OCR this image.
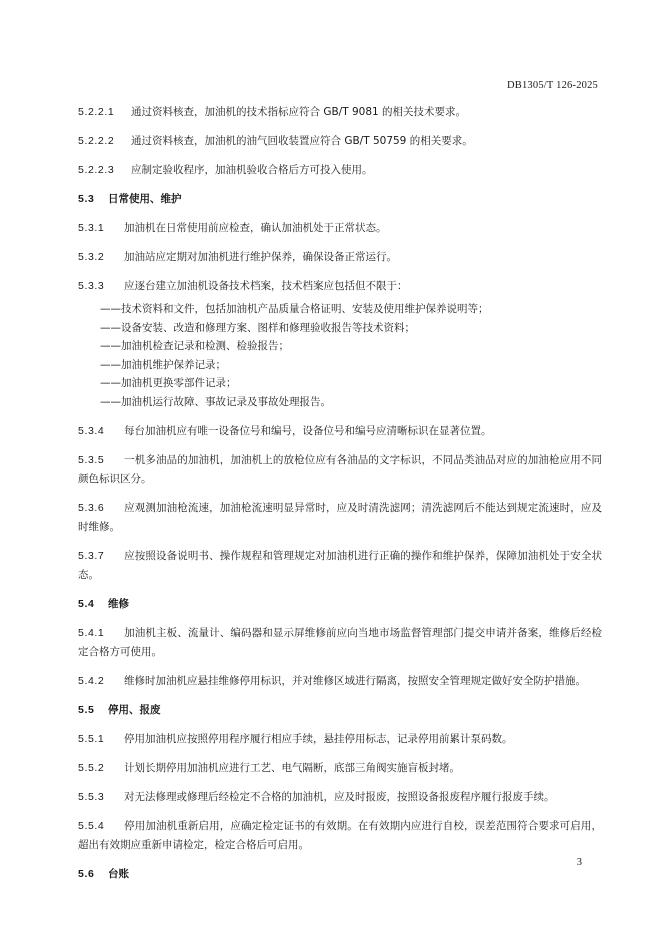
DB1305/T 126-2025
5.2.2.1 通过资料核查，加油机的技术指标应符合 GB/T 9081 的相关技术要求。
5.2.2.2 通过资料核查，加油机的油气回收装置应符合 GB/T 50759 的相关要求。
5.2.2.3 应制定验收程序，加油机验收合格后方可投入使用。
5.3 日常使用、维护
5.3.1 加油机在日常使用前应检查，确认加油机处于正常状态。
5.3.2 加油站应定期对加油机进行维护保养，确保设备正常运行。
5.3.3 应逐台建立加油机设备技术档案，技术档案应包括但不限于：
——技术资料和文件，包括加油机产品质量合格证明、安装及使用维护保养说明等；
——设备安装、改造和修理方案、图样和修理验收报告等技术资料；
——加油机检查记录和检测、检验报告；
——加油机维护保养记录；
——加油机更换零部件记录；
——加油机运行故障、事故记录及事故处理报告。
5.3.4 每台加油机应有唯一设备位号和编号，设备位号和编号应清晰标识在显著位置。
5.3.5 一机多油品的加油机，加油机上的放枪位应有各油品的文字标识，不同品类油品对应的加油枪应用不同颜色标识区分。
5.3.6 应观测加油枪流速，加油枪流速明显异常时，应及时清洗滤网；清洗滤网后不能达到规定流速时，应及时维修。
5.3.7 应按照设备说明书、操作规程和管理规定对加油机进行正确的操作和维护保养，保障加油机处于安全状态。
5.4 维修
5.4.1 加油机主板、流量计、编码器和显示屏维修前应向当地市场监督管理部门提交申请并备案，维修后经检定合格方可使用。
5.4.2 维修时加油机应悬挂维修停用标识，并对维修区域进行隔离，按照安全管理规定做好安全防护措施。
5.5 停用、报废
5.5.1 停用加油机应按照停用程序履行相应手续，悬挂停用标志，记录停用前累计泵码数。
5.5.2 计划长期停用加油机应进行工艺、电气隔断，底部三角阀实施盲板封堵。
5.5.3 对无法修理或修理后经检定不合格的加油机，应及时报废，按照设备报废程序履行报废手续。
5.5.4 停用加油机重新启用，应确定检定证书的有效期。在有效期内应进行自校，误差范围符合要求可启用，超出有效期应重新申请检定，检定合格后可启用。
5.6 台账
3
